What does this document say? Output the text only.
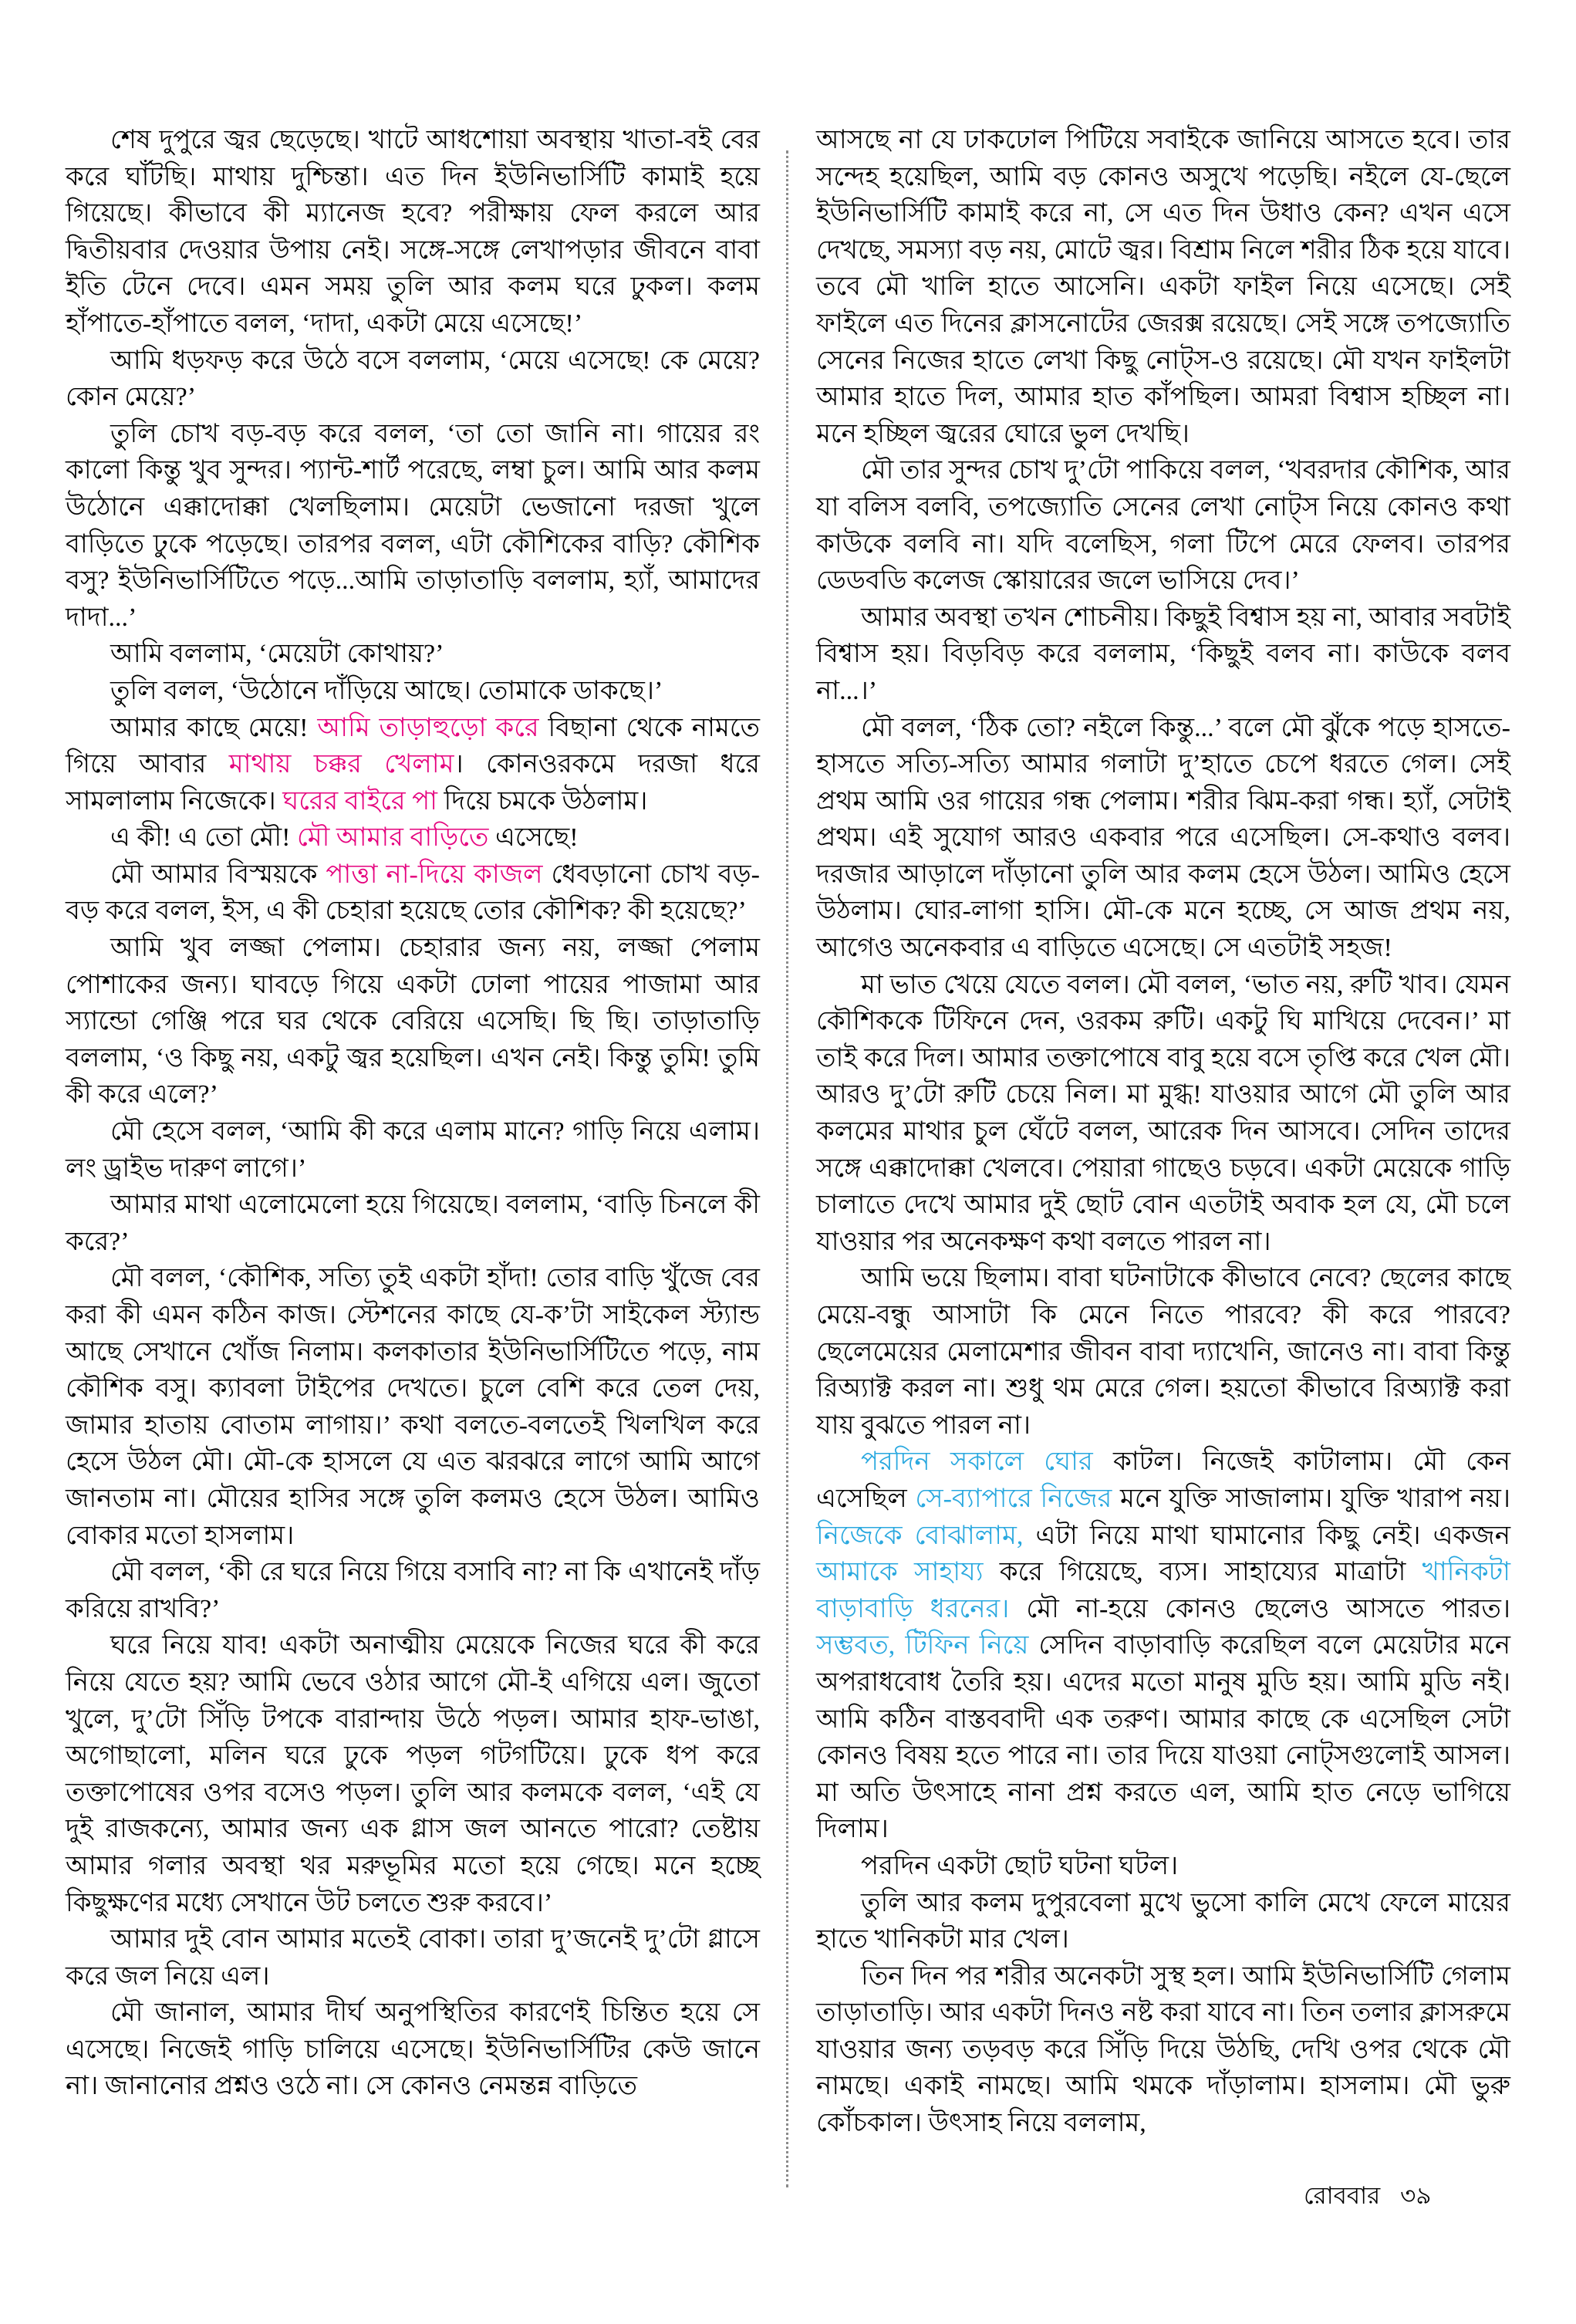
শেষ দুপুরে জ্বর ছেড়েছে। খাটে আধশোয়া অবস্থায় খাতা-বই বের করে ঘাঁটছি। মাথায় দুশ্চিন্তা। এত দিন ইউনিভার্সিটি কামাই হয়ে গিয়েছে। কীভাবে কী ম্যানেজ হবে? পরীক্ষায় ফেল করলে আর দ্বিতীয়বার দেওয়ার উপায় নেই। সঙ্গে-সঙ্গে লেখাপড়ার জীবনে বাবা ইতি টেনে দেবে। এমন সময় তুলি আর কলম ঘরে ঢুকল। কলম হাঁপাতে-হাঁপাতে বলল, ‘দাদা, একটা মেয়ে এসেছে!’

আমি ধড়ফড় করে উঠে বসে বললাম, ‘মেয়ে এসেছে! কে মেয়ে? কোন মেয়ে?’

তুলি চোখ বড়-বড় করে বলল, ‘তা তো জানি না। গায়ের রং কালো কিন্তু খুব সুন্দর। প্যান্ট-শার্ট পরেছে, লম্বা চুল। আমি আর কলম উঠোনে এক্কাদোক্কা খেলছিলাম। মেয়েটা ভেজানো দরজা খুলে বাড়িতে ঢুকে পড়েছে। তারপর বলল, এটা কৌশিকের বাড়ি? কৌশিক বসু? ইউনিভার্সিটিতে পড়ে...আমি তাড়াতাড়ি বললাম, হ্যাঁ, আমাদের দাদা...’

আমি বললাম, ‘মেয়েটা কোথায়?’

তুলি বলল, ‘উঠোনে দাঁড়িয়ে আছে। তোমাকে ডাকছে।’

আমার কাছে মেয়ে! আমি তাড়াহুড়ো করে বিছানা থেকে নামতে গিয়ে আবার মাথায় চক্কর খেলাম। কোনওরকমে দরজা ধরে সামলালাম নিজেকে। ঘরের বাইরে পা দিয়ে চমকে উঠলাম।

এ কী! এ তো মৌ! মৌ আমার বাড়িতে এসেছে!

মৌ আমার বিস্ময়কে পাত্তা না-দিয়ে কাজল ধেবড়ানো চোখ বড়-বড় করে বলল, ইস, এ কী চেহারা হয়েছে তোর কৌশিক? কী হয়েছে?’

আমি খুব লজ্জা পেলাম। চেহারার জন্য নয়, লজ্জা পেলাম পোশাকের জন্য। ঘাবড়ে গিয়ে একটা ঢোলা পায়ের পাজামা আর স্যান্ডো গেঞ্জি পরে ঘর থেকে বেরিয়ে এসেছি। ছি ছি। তাড়াতাড়ি বললাম, ‘ও কিছু নয়, একটু জ্বর হয়েছিল। এখন নেই। কিন্তু তুমি! তুমি কী করে এলে?’

মৌ হেসে বলল, ‘আমি কী করে এলাম মানে? গাড়ি নিয়ে এলাম। লং ড্রাইভ দারুণ লাগে।’

আমার মাথা এলোমেলো হয়ে গিয়েছে। বললাম, ‘বাড়ি চিনলে কী করে?’

মৌ বলল, ‘কৌশিক, সত্যি তুই একটা হাঁদা! তোর বাড়ি খুঁজে বের করা কী এমন কঠিন কাজ। স্টেশনের কাছে যে-ক’টা সাইকেল স্ট্যান্ড আছে সেখানে খোঁজ নিলাম। কলকাতার ইউনিভার্সিটিতে পড়ে, নাম কৌশিক বসু। ক্যাবলা টাইপের দেখতে। চুলে বেশি করে তেল দেয়, জামার হাতায় বোতাম লাগায়।’ কথা বলতে-বলতেই খিলখিল করে হেসে উঠল মৌ। মৌ-কে হাসলে যে এত ঝরঝরে লাগে আমি আগে জানতাম না। মৌয়ের হাসির সঙ্গে তুলি কলমও হেসে উঠল। আমিও বোকার মতো হাসলাম।

মৌ বলল, ‘কী রে ঘরে নিয়ে গিয়ে বসাবি না? না কি এখানেই দাঁড় করিয়ে রাখবি?’

ঘরে নিয়ে যাব! একটা অনাত্মীয় মেয়েকে নিজের ঘরে কী করে নিয়ে যেতে হয়? আমি ভেবে ওঠার আগে মৌ-ই এগিয়ে এল। জুতো খুলে, দু’টো সিঁড়ি টপকে বারান্দায় উঠে পড়ল। আমার হাফ-ভাঙা, অগোছালো, মলিন ঘরে ঢুকে পড়ল গটগটিয়ে। ঢুকে ধপ করে তক্তাপোষের ওপর বসেও পড়ল। তুলি আর কলমকে বলল, ‘এই যে দুই রাজকন্যে, আমার জন্য এক গ্লাস জল আনতে পারো? তেষ্টায় আমার গলার অবস্থা থর মরুভূমির মতো হয়ে গেছে। মনে হচ্ছে কিছুক্ষণের মধ্যে সেখানে উট চলতে শুরু করবে।’

আমার দুই বোন আমার মতেই বোকা। তারা দু’জনেই দু’টো গ্লাসে করে জল নিয়ে এল।

মৌ জানাল, আমার দীর্ঘ অনুপস্থিতির কারণেই চিন্তিত হয়ে সে এসেছে। নিজেই গাড়ি চালিয়ে এসেছে। ইউনিভার্সিটির কেউ জানে না। জানানোর প্রশ্নও ওঠে না। সে কোনও নেমন্তন্ন বাড়িতে

আসছে না যে ঢাকঢোল পিটিয়ে সবাইকে জানিয়ে আসতে হবে। তার সন্দেহ হয়েছিল, আমি বড় কোনও অসুখে পড়েছি। নইলে যে-ছেলে ইউনিভার্সিটি কামাই করে না, সে এত দিন উধাও কেন? এখন এসে দেখছে, সমস্যা বড় নয়, মোটে জ্বর। বিশ্রাম নিলে শরীর ঠিক হয়ে যাবে। তবে মৌ খালি হাতে আসেনি। একটা ফাইল নিয়ে এসেছে। সেই ফাইলে এত দিনের ক্লাসনোটের জেরক্স রয়েছে। সেই সঙ্গে তপজ্যোতি সেনের নিজের হাতে লেখা কিছু নোট্‌স-ও রয়েছে। মৌ যখন ফাইলটা আমার হাতে দিল, আমার হাত কাঁপছিল। আমরা বিশ্বাস হচ্ছিল না। মনে হচ্ছিল জ্বরের ঘোরে ভুল দেখছি।

মৌ তার সুন্দর চোখ দু’টো পাকিয়ে বলল, ‘খবরদার কৌশিক, আর যা বলিস বলবি, তপজ্যোতি সেনের লেখা নোট্‌স নিয়ে কোনও কথা কাউকে বলবি না। যদি বলেছিস, গলা টিপে মেরে ফেলব। তারপর ডেডবডি কলেজ স্কোয়ারের জলে ভাসিয়ে দেব।’

আমার অবস্থা তখন শোচনীয়। কিছুই বিশ্বাস হয় না, আবার সবটাই বিশ্বাস হয়। বিড়বিড় করে বললাম, ‘কিছুই বলব না। কাউকে বলব না...।’

মৌ বলল, ‘ঠিক তো? নইলে কিন্তু...’ বলে মৌ ঝুঁকে পড়ে হাসতে-হাসতে সত্যি-সত্যি আমার গলাটা দু’হাতে চেপে ধরতে গেল। সেই প্রথম আমি ওর গায়ের গন্ধ পেলাম। শরীর ঝিম-করা গন্ধ। হ্যাঁ, সেটাই প্রথম। এই সুযোগ আরও একবার পরে এসেছিল। সে-কথাও বলব। দরজার আড়ালে দাঁড়ানো তুলি আর কলম হেসে উঠল। আমিও হেসে উঠলাম। ঘোর-লাগা হাসি। মৌ-কে মনে হচ্ছে, সে আজ প্রথম নয়, আগেও অনেকবার এ বাড়িতে এসেছে। সে এতটাই সহজ!

মা ভাত খেয়ে যেতে বলল। মৌ বলল, ‘ভাত নয়, রুটি খাব। যেমন কৌশিককে টিফিনে দেন, ওরকম রুটি। একটু ঘি মাখিয়ে দেবেন।’ মা তাই করে দিল। আমার তক্তাপোষে বাবু হয়ে বসে তৃপ্তি করে খেল মৌ। আরও দু’টো রুটি চেয়ে নিল। মা মুগ্ধ! যাওয়ার আগে মৌ তুলি আর কলমের মাথার চুল ঘেঁটে বলল, আরেক দিন আসবে। সেদিন তাদের সঙ্গে এক্কাদোক্কা খেলবে। পেয়ারা গাছেও চড়বে। একটা মেয়েকে গাড়ি চালাতে দেখে আমার দুই ছোট বোন এতটাই অবাক হল যে, মৌ চলে যাওয়ার পর অনেকক্ষণ কথা বলতে পারল না।

আমি ভয়ে ছিলাম। বাবা ঘটনাটাকে কীভাবে নেবে? ছেলের কাছে মেয়ে-বন্ধু আসাটা কি মেনে নিতে পারবে? কী করে পারবে? ছেলেমেয়ের মেলামেশার জীবন বাবা দ্যাখেনি, জানেও না। বাবা কিন্তু রিঅ্যাক্ট করল না। শুধু থম মেরে গেল। হয়তো কীভাবে রিঅ্যাক্ট করা যায় বুঝতে পারল না।

পরদিন সকালে ঘোর কাটল। নিজেই কাটালাম। মৌ কেন এসেছিল সে-ব্যাপারে নিজের মনে যুক্তি সাজালাম। যুক্তি খারাপ নয়। নিজেকে বোঝালাম, এটা নিয়ে মাথা ঘামানোর কিছু নেই। একজন আমাকে সাহায্য করে গিয়েছে, ব্যস। সাহায্যের মাত্রাটা খানিকটা বাড়াবাড়ি ধরনের। মৌ না-হয়ে কোনও ছেলেও আসতে পারত। সম্ভবত, টিফিন নিয়ে সেদিন বাড়াবাড়ি করেছিল বলে মেয়েটার মনে অপরাধবোধ তৈরি হয়। এদের মতো মানুষ মুডি হয়। আমি মুডি নই। আমি কঠিন বাস্তববাদী এক তরুণ। আমার কাছে কে এসেছিল সেটা কোনও বিষয় হতে পারে না। তার দিয়ে যাওয়া নোট্‌সগুলোই আসল। মা অতি উৎসাহে নানা প্রশ্ন করতে এল, আমি হাত নেড়ে ভাগিয়ে দিলাম।

পরদিন একটা ছোট ঘটনা ঘটল।

তুলি আর কলম দুপুরবেলা মুখে ভুসো কালি মেখে ফেলে মায়ের হাতে খানিকটা মার খেল।

তিন দিন পর শরীর অনেকটা সুস্থ হল। আমি ইউনিভার্সিটি গেলাম তাড়াতাড়ি। আর একটা দিনও নষ্ট করা যাবে না। তিন তলার ক্লাসরুমে যাওয়ার জন্য তড়বড় করে সিঁড়ি দিয়ে উঠছি, দেখি ওপর থেকে মৌ নামছে। একাই নামছে। আমি থমকে দাঁড়ালাম। হাসলাম। মৌ ভুরু কোঁচকাল। উৎসাহ নিয়ে বললাম,

রোববার ৩৯
